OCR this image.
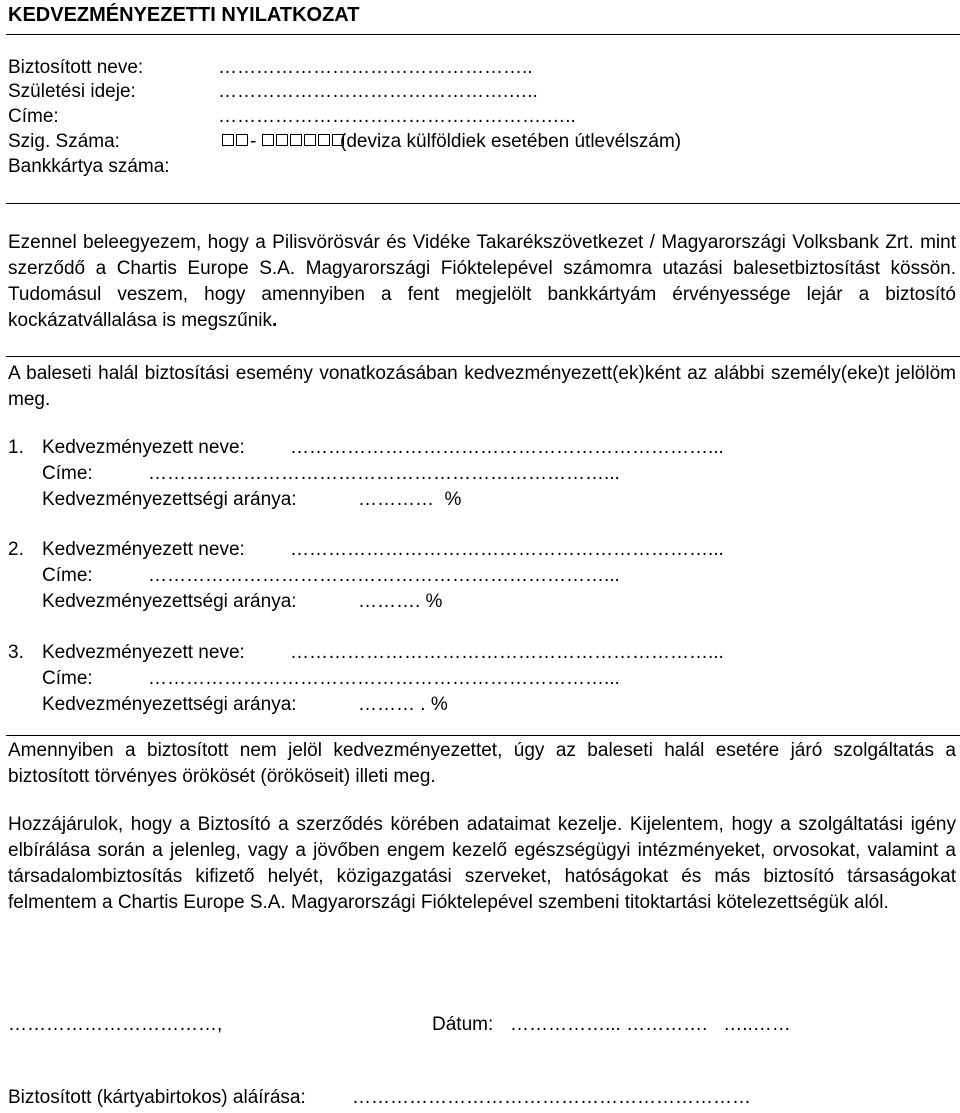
KEDVEZMÉNYEZETTI NYILATKOZAT
Biztosított neve:	…………………………………………..
Születési ideje:	……………………………………….…..
Címe:	…………………………………………….…..
Szig. Száma:	-	(deviza külföldiek esetében útlevélszám)
Bankkártya száma:
Ezennel beleegyezem, hogy a Pilisvörösvár és Vidéke Takarékszövetkezet / Magyarországi Volksbank Zrt. mint szerződő a Chartis Europe S.A. Magyarországi Fióktelepével számomra utazási balesetbiztosítást kössön. Tudomásul veszem, hogy amennyiben a fent megjelölt bankkártyám érvényessége lejár a biztosító kockázatvállalása is megszűnik.
A baleseti halál biztosítási esemény vonatkozásában kedvezményezett(ek)ként az alábbi személy(eke)t jelölöm meg.
1. Kedvezményezett neve: …………………………………………………………...
Címe:	………………………………………………………………...
Kedvezményezettségi aránya:	…………  %
2. Kedvezményezett neve: …………………………………………………………...
Címe:	………………………………………………………………...
Kedvezményezettségi aránya:	………. %
3. Kedvezményezett neve: …………………………………………………………...
Címe:	………………………………………………………………...
Kedvezményezettségi aránya:	……… . %
Amennyiben a biztosított nem jelöl kedvezményezettet, úgy az baleseti halál esetére járó szolgáltatás a biztosított törvényes örökösét (örököseit) illeti meg.
Hozzájárulok, hogy a Biztosító a szerződés körében adataimat kezelje. Kijelentem, hogy a szolgáltatási igény elbírálása során a jelenleg, vagy a jövőben engem kezelő egészségügyi intézményeket, orvosokat, valamint a társadalombiztosítás kifizető helyét, közigazgatási szerveket, hatóságokat és más biztosító társaságokat felmentem a Chartis Europe S.A. Magyarországi Fióktelepével szembeni titoktartási kötelezettségük alól.
……………………………,	Dátum: ……………... ………….   …..……
Biztosított (kártyabirtokos) aláírása: ………………………………………………………
